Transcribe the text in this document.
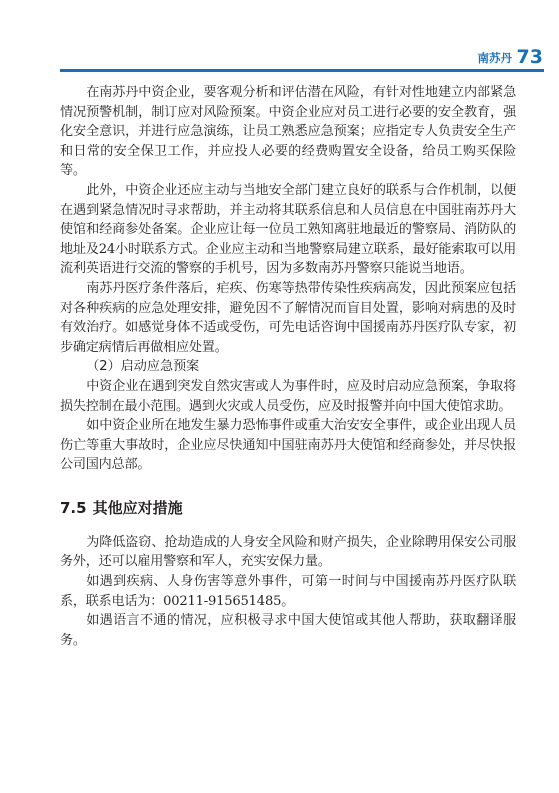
南苏丹 73

在南苏丹中资企业，要客观分析和评估潜在风险，有针对性地建立内部紧急情况预警机制，制订应对风险预案。中资企业应对员工进行必要的安全教育，强化安全意识，并进行应急演练，让员工熟悉应急预案；应指定专人负责安全生产和日常的安全保卫工作，并应投人必要的经费购置安全设备，给员工购买保险等。

此外，中资企业还应主动与当地安全部门建立良好的联系与合作机制，以便在遇到紧急情况时寻求帮助，并主动将其联系信息和人员信息在中国驻南苏丹大使馆和经商参处备案。企业应让每一位员工熟知离驻地最近的警察局、消防队的地址及24小时联系方式。企业应主动和当地警察局建立联系，最好能索取可以用流利英语进行交流的警察的手机号，因为多数南苏丹警察只能说当地语。

南苏丹医疗条件落后，疟疾、伤寒等热带传染性疾病高发，因此预案应包括对各种疾病的应急处理安排，避免因不了解情况而盲目处置，影响对病患的及时有效治疗。如感觉身体不适或受伤，可先电话咨询中国援南苏丹医疗队专家，初步确定病情后再做相应处置。

（2）启动应急预案

中资企业在遇到突发自然灾害或人为事件时，应及时启动应急预案，争取将损失控制在最小范围。遇到火灾或人员受伤，应及时报警并向中国大使馆求助。

如中资企业所在地发生暴力恐怖事件或重大治安安全事件，或企业出现人员伤亡等重大事故时，企业应尽快通知中国驻南苏丹大使馆和经商参处，并尽快报公司国内总部。

7.5 其他应对措施

为降低盗窃、抢劫造成的人身安全风险和财产损失，企业除聘用保安公司服务外，还可以雇用警察和军人，充实安保力量。

如遇到疾病、人身伤害等意外事件，可第一时间与中国援南苏丹医疗队联系，联系电话为：00211-915651485。

如遇语言不通的情况，应积极寻求中国大使馆或其他人帮助，获取翻译服务。
